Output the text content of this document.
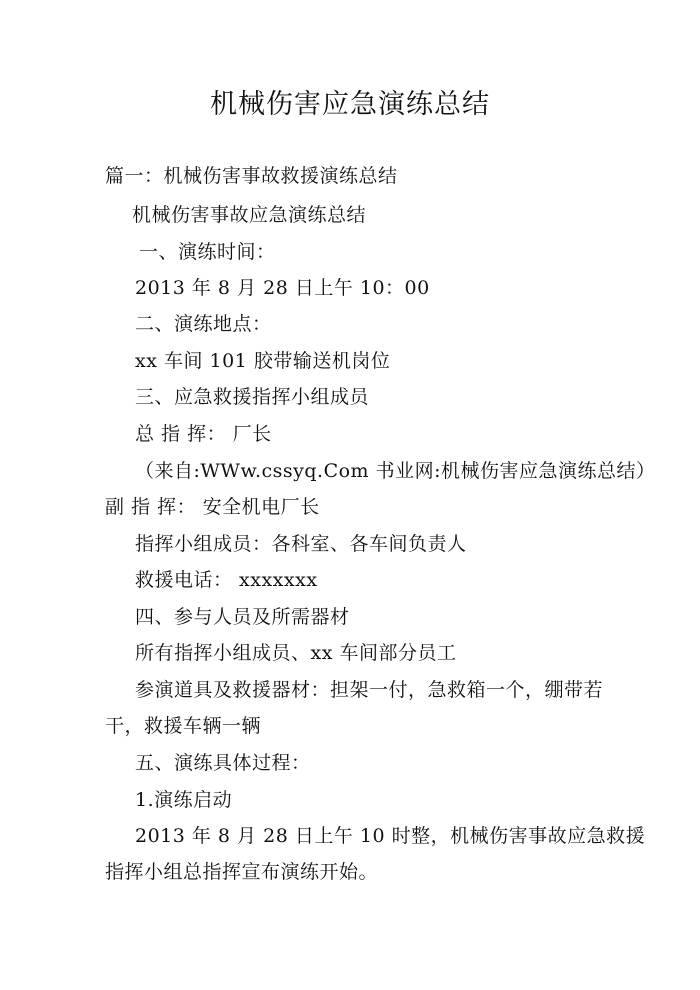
机械伤害应急演练总结
篇一：机械伤害事故救援演练总结
机械伤害事故应急演练总结
一、演练时间：
2013 年 8 月 28 日上午 10：00
二、演练地点：
xx 车间 101 胶带输送机岗位
三、应急救援指挥小组成员
总 指 挥： 厂长
（来自:WWw.cssyq.Com 书业网:机械伤害应急演练总结）
副 指 挥： 安全机电厂长
指挥小组成员：各科室、各车间负责人
救援电话： xxxxxxx
四、参与人员及所需器材
所有指挥小组成员、xx 车间部分员工
参演道具及救援器材：担架一付，急救箱一个，绷带若
干，救援车辆一辆
五、演练具体过程：
1.演练启动
2013 年 8 月 28 日上午 10 时整，机械伤害事故应急救援
指挥小组总指挥宣布演练开始。
